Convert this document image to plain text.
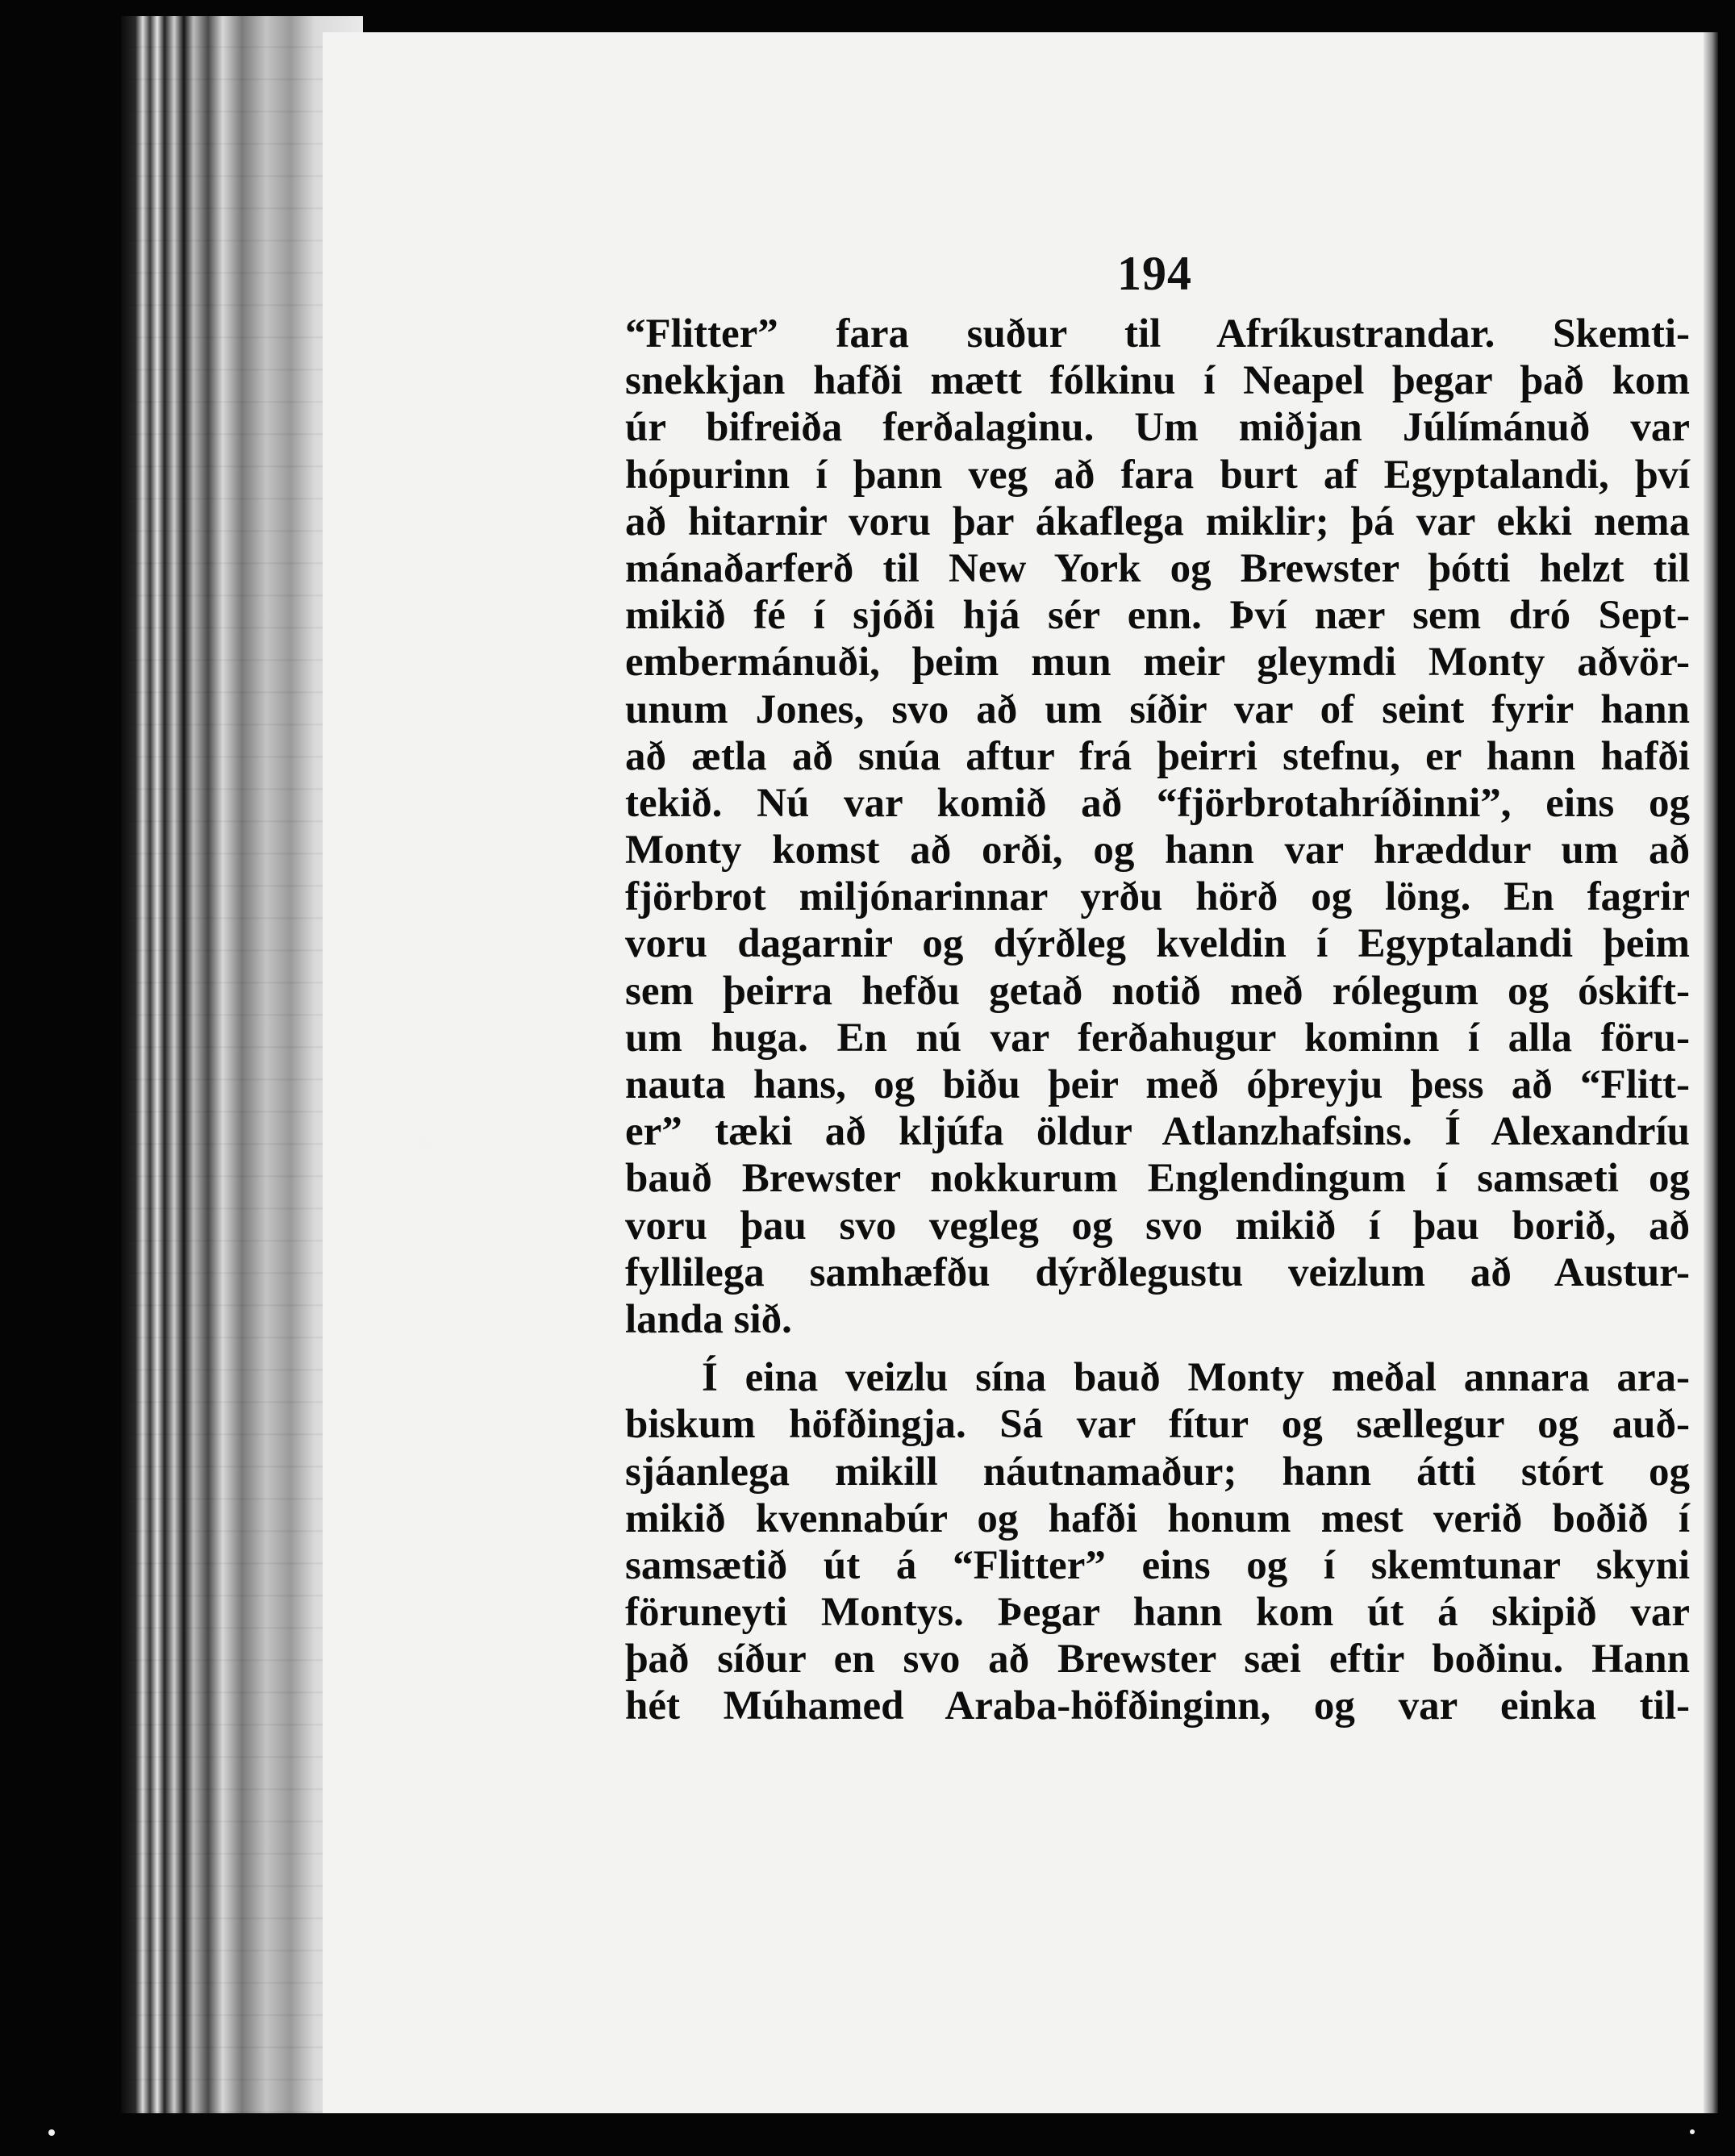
194
“Flitter” fara suður til Afríkustrandar. Skemti-
snekkjan hafði mætt fólkinu í Neapel þegar það kom
úr bifreiða ferðalaginu. Um miðjan Júlímánuð var
hópurinn í þann veg að fara burt af Egyptalandi, því
að hitarnir voru þar ákaflega miklir; þá var ekki nema
mánaðarferð til New York og Brewster þótti helzt til
mikið fé í sjóði hjá sér enn. Því nær sem dró Sept-
embermánuði, þeim mun meir gleymdi Monty aðvör-
unum Jones, svo að um síðir var of seint fyrir hann
að ætla að snúa aftur frá þeirri stefnu, er hann hafði
tekið. Nú var komið að “fjörbrotahríðinni”, eins og
Monty komst að orði, og hann var hræddur um að
fjörbrot miljónarinnar yrðu hörð og löng. En fagrir
voru dagarnir og dýrðleg kveldin í Egyptalandi þeim
sem þeirra hefðu getað notið með rólegum og óskift-
um huga. En nú var ferðahugur kominn í alla föru-
nauta hans, og biðu þeir með óþreyju þess að “Flitt-
er” tæki að kljúfa öldur Atlanzhafsins. Í Alexandríu
bauð Brewster nokkurum Englendingum í samsæti og
voru þau svo vegleg og svo mikið í þau borið, að
fyllilega samhæfðu dýrðlegustu veizlum að Austur-
landa sið.
Í eina veizlu sína bauð Monty meðal annara ara-
biskum höfðingja. Sá var fítur og sællegur og auð-
sjáanlega mikill náutnamaður; hann átti stórt og
mikið kvennabúr og hafði honum mest verið boðið í
samsætið út á “Flitter” eins og í skemtunar skyni
föruneyti Montys. Þegar hann kom út á skipið var
það síður en svo að Brewster sæi eftir boðinu. Hann
hét Múhamed Araba-höfðinginn, og var einka til-
